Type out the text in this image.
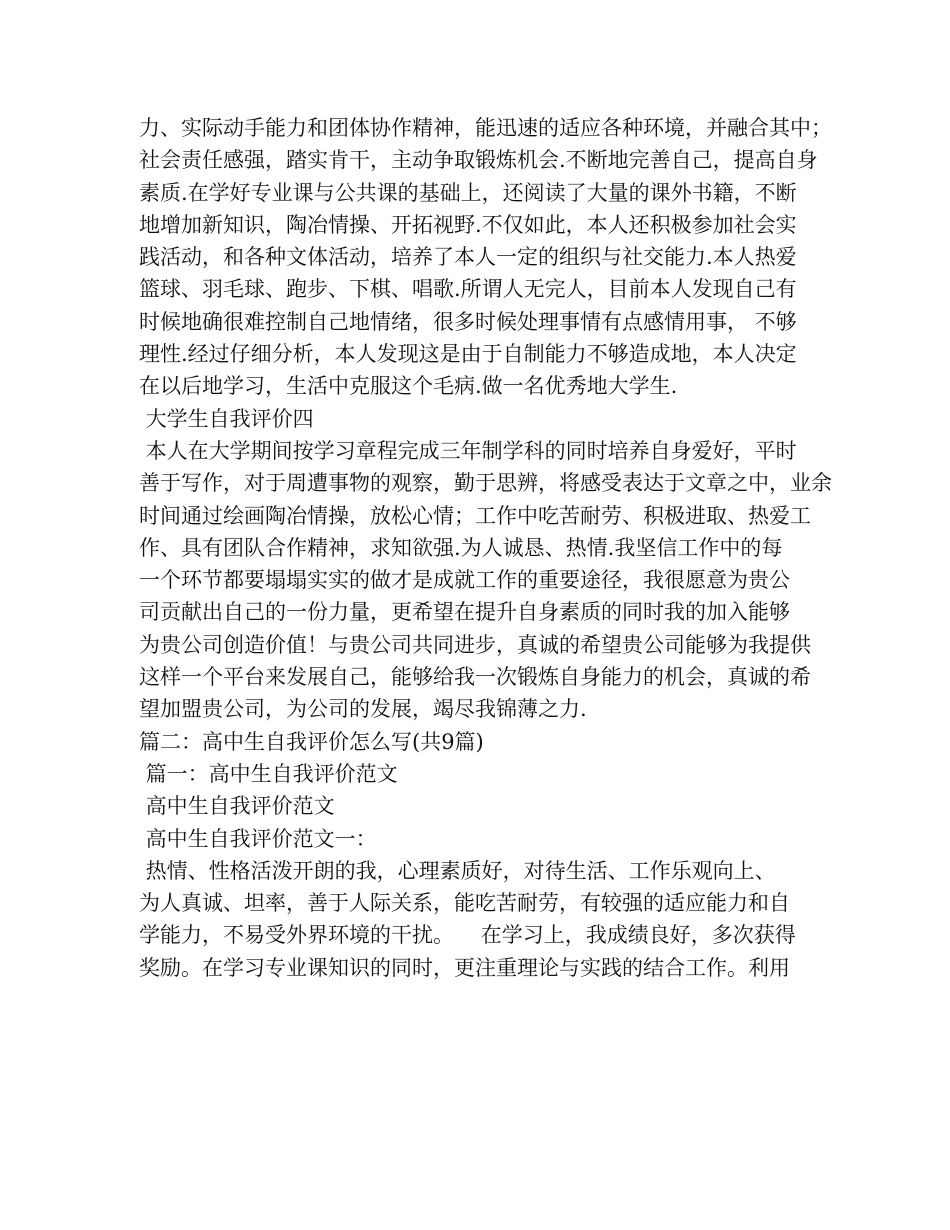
力、实际动手能力和团体协作精神，能迅速的适应各种环境，并融合其中；
社会责任感强，踏实肯干，主动争取锻炼机会.不断地完善自己，提高自身
素质.在学好专业课与公共课的基础上，还阅读了大量的课外书籍，不断
地增加新知识，陶冶情操、开拓视野.不仅如此，本人还积极参加社会实
践活动，和各种文体活动，培养了本人一定的组织与社交能力.本人热爱
篮球、羽毛球、跑步、下棋、唱歌.所谓人无完人，目前本人发现自己有
时候地确很难控制自己地情绪，很多时候处理事情有点感情用事， 不够
理性.经过仔细分析，本人发现这是由于自制能力不够造成地，本人决定
在以后地学习，生活中克服这个毛病.做一名优秀地大学生.
大学生自我评价四
本人在大学期间按学习章程完成三年制学科的同时培养自身爱好，平时
善于写作，对于周遭事物的观察，勤于思辨，将感受表达于文章之中，业余
时间通过绘画陶冶情操，放松心情；工作中吃苦耐劳、积极进取、热爱工
作、具有团队合作精神，求知欲强.为人诚恳、热情.我坚信工作中的每
一个环节都要塌塌实实的做才是成就工作的重要途径，我很愿意为贵公
司贡献出自己的一份力量，更希望在提升自身素质的同时我的加入能够
为贵公司创造价值！与贵公司共同进步，真诚的希望贵公司能够为我提供
这样一个平台来发展自己，能够给我一次锻炼自身能力的机会，真诚的希
望加盟贵公司，为公司的发展，竭尽我锦薄之力.
篇二：高中生自我评价怎么写(共9篇)
篇一：高中生自我评价范文
高中生自我评价范文
高中生自我评价范文一：
热情、性格活泼开朗的我，心理素质好，对待生活、工作乐观向上、
为人真诚、坦率，善于人际关系，能吃苦耐劳，有较强的适应能力和自
学能力，不易受外界环境的干扰。    在学习上，我成绩良好，多次获得
奖励。在学习专业课知识的同时，更注重理论与实践的结合工作。利用
